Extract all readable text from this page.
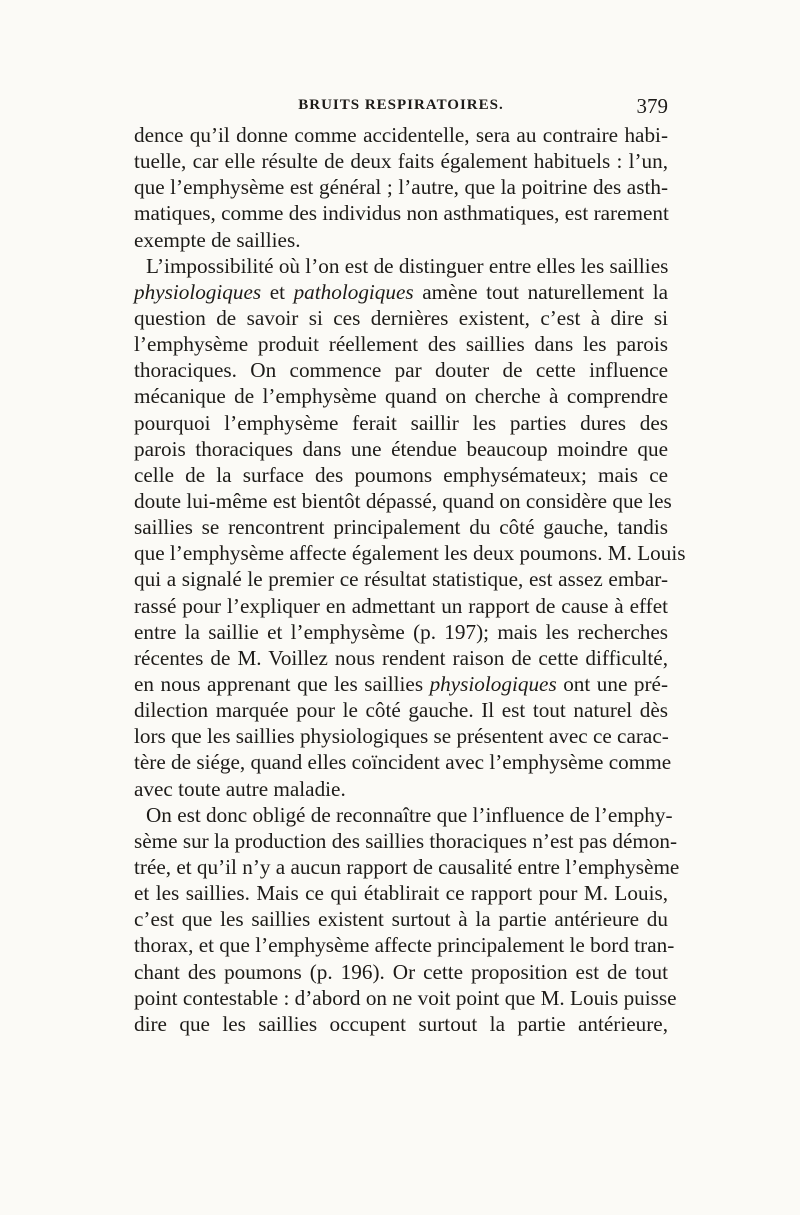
BRUITS RESPIRATOIRES.	379
dence qu’il donne comme accidentelle, sera au contraire habi-
tuelle, car elle résulte de deux faits également habituels : l’un,
que l’emphysème est général ; l’autre, que la poitrine des asth-
matiques, comme des individus non asthmatiques, est rarement
exempte de saillies.
L’impossibilité où l’on est de distinguer entre elles les saillies
physiologiques et pathologiques amène tout naturellement la
question de savoir si ces dernières existent, c’est à dire si
l’emphysème produit réellement des saillies dans les parois
thoraciques. On commence par douter de cette influence
mécanique de l’emphysème quand on cherche à comprendre
pourquoi l’emphysème ferait saillir les parties dures des
parois thoraciques dans une étendue beaucoup moindre que
celle de la surface des poumons emphysémateux; mais ce
doute lui-même est bientôt dépassé, quand on considère que les
saillies se rencontrent principalement du côté gauche, tandis
que l’emphysème affecte également les deux poumons. M. Louis
qui a signalé le premier ce résultat statistique, est assez embar-
rassé pour l’expliquer en admettant un rapport de cause à effet
entre la saillie et l’emphysème (p. 197); mais les recherches
récentes de M. Voillez nous rendent raison de cette difficulté,
en nous apprenant que les saillies physiologiques ont une pré-
dilection marquée pour le côté gauche. Il est tout naturel dès
lors que les saillies physiologiques se présentent avec ce carac-
tère de siége, quand elles coïncident avec l’emphysème comme
avec toute autre maladie.
On est donc obligé de reconnaître que l’influence de l’emphy-
sème sur la production des saillies thoraciques n’est pas démon-
trée, et qu’il n’y a aucun rapport de causalité entre l’emphysème
et les saillies. Mais ce qui établirait ce rapport pour M. Louis,
c’est que les saillies existent surtout à la partie antérieure du
thorax, et que l’emphysème affecte principalement le bord tran-
chant des poumons (p. 196). Or cette proposition est de tout
point contestable : d’abord on ne voit point que M. Louis puisse
dire que les saillies occupent surtout la partie antérieure,
